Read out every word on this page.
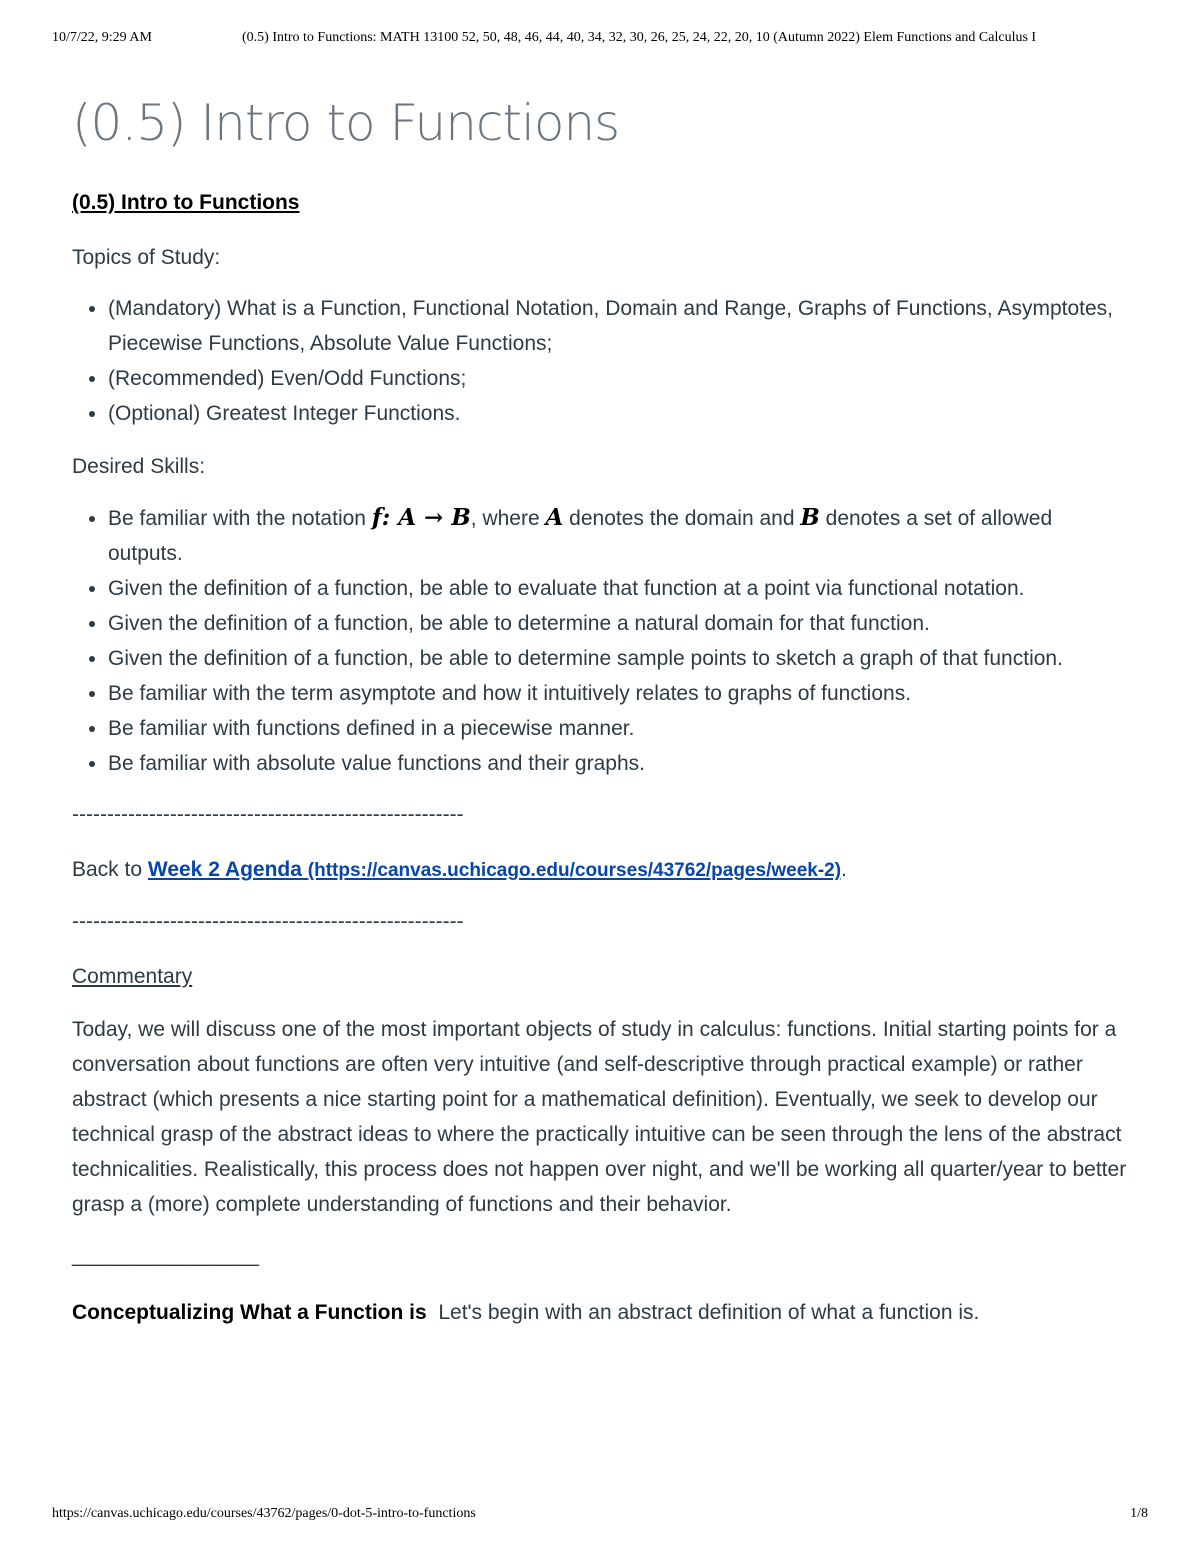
10/7/22, 9:29 AM	(0.5) Intro to Functions: MATH 13100 52, 50, 48, 46, 44, 40, 34, 32, 30, 26, 25, 24, 22, 20, 10 (Autumn 2022) Elem Functions and Calculus I
(0.5) Intro to Functions
(0.5) Intro to Functions

Topics of Study:

• (Mandatory) What is a Function, Functional Notation, Domain and Range, Graphs of Functions, Asymptotes, Piecewise Functions, Absolute Value Functions;
• (Recommended) Even/Odd Functions;
• (Optional) Greatest Integer Functions.

Desired Skills:

• Be familiar with the notation f: A → B, where A denotes the domain and B denotes a set of allowed outputs.
• Given the definition of a function, be able to evaluate that function at a point via functional notation.
• Given the definition of a function, be able to determine a natural domain for that function.
• Given the definition of a function, be able to determine sample points to sketch a graph of that function.
• Be familiar with the term asymptote and how it intuitively relates to graphs of functions.
• Be familiar with functions defined in a piecewise manner.
• Be familiar with absolute value functions and their graphs.

--------------------------------------------------------

Back to Week 2 Agenda (https://canvas.uchicago.edu/courses/43762/pages/week-2).

--------------------------------------------------------

Commentary

Today, we will discuss one of the most important objects of study in calculus: functions. Initial starting points for a conversation about functions are often very intuitive (and self-descriptive through practical example) or rather abstract (which presents a nice starting point for a mathematical definition). Eventually, we seek to develop our technical grasp of the abstract ideas to where the practically intuitive can be seen through the lens of the abstract technicalities. Realistically, this process does not happen over night, and we'll be working all quarter/year to better grasp a (more) complete understanding of functions and their behavior.

________________

Conceptualizing What a Function is Let's begin with an abstract definition of what a function is.

https://canvas.uchicago.edu/courses/43762/pages/0-dot-5-intro-to-functions	1/8
